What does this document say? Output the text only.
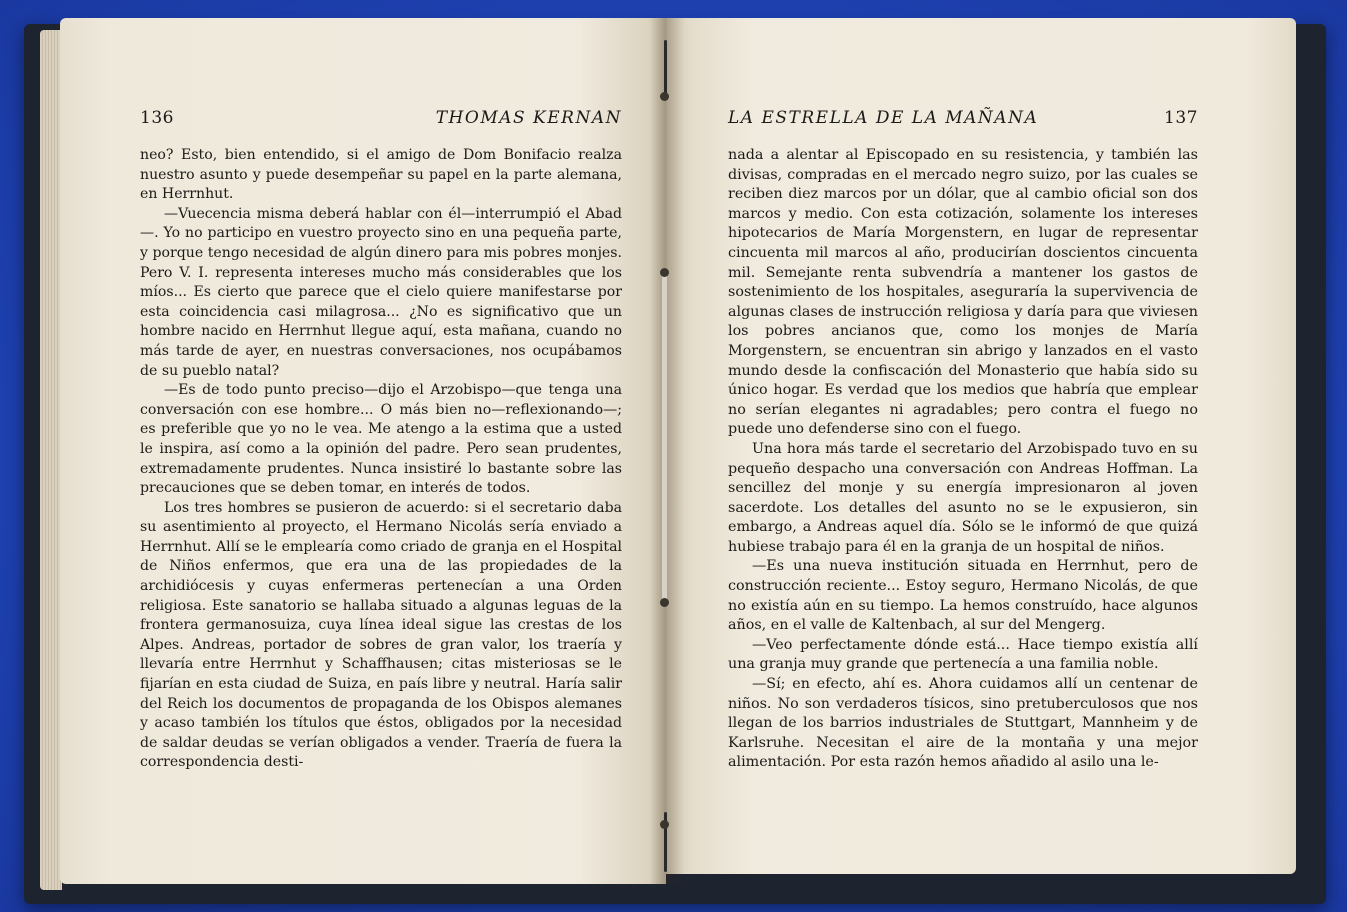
136	THOMAS KERNAN

neo? Esto, bien entendido, si el amigo de Dom Bonifacio realza nuestro asunto y puede desempeñar su papel en la parte alemana, en Herrnhut.

—Vuecencia misma deberá hablar con él—interrumpió el Abad—. Yo no participo en vuestro proyecto sino en una pequeña parte, y porque tengo necesidad de algún dinero para mis pobres monjes. Pero V. I. representa intereses mucho más considerables que los míos... Es cierto que parece que el cielo quiere manifestarse por esta coincidencia casi milagrosa... ¿No es significativo que un hombre nacido en Herrnhut llegue aquí, esta mañana, cuando no más tarde de ayer, en nuestras conversaciones, nos ocupábamos de su pueblo natal?

—Es de todo punto preciso—dijo el Arzobispo—que tenga una conversación con ese hombre... O más bien no—reflexionando—; es preferible que yo no le vea. Me atengo a la estima que a usted le inspira, así como a la opinión del padre. Pero sean prudentes, extremadamente prudentes. Nunca insistiré lo bastante sobre las precauciones que se deben tomar, en interés de todos.

Los tres hombres se pusieron de acuerdo: si el secretario daba su asentimiento al proyecto, el Hermano Nicolás sería enviado a Herrnhut. Allí se le emplearía como criado de granja en el Hospital de Niños enfermos, que era una de las propiedades de la archidiócesis y cuyas enfermeras pertenecían a una Orden religiosa. Este sanatorio se hallaba situado a algunas leguas de la frontera germanosuiza, cuya línea ideal sigue las crestas de los Alpes. Andreas, portador de sobres de gran valor, los traería y llevaría entre Herrnhut y Schaffhausen; citas misteriosas se le fijarían en esta ciudad de Suiza, en país libre y neutral. Haría salir del Reich los documentos de propaganda de los Obispos alemanes y acaso también los títulos que éstos, obligados por la necesidad de saldar deudas se verían obligados a vender. Traería de fuera la correspondencia desti-

LA ESTRELLA DE LA MAÑANA	137

nada a alentar al Episcopado en su resistencia, y también las divisas, compradas en el mercado negro suizo, por las cuales se reciben diez marcos por un dólar, que al cambio oficial son dos marcos y medio. Con esta cotización, solamente los intereses hipotecarios de María Morgenstern, en lugar de representar cincuenta mil marcos al año, producirían doscientos cincuenta mil. Semejante renta subvendría a mantener los gastos de sostenimiento de los hospitales, aseguraría la supervivencia de algunas clases de instrucción religiosa y daría para que viviesen los pobres ancianos que, como los monjes de María Morgenstern, se encuentran sin abrigo y lanzados en el vasto mundo desde la confiscación del Monasterio que había sido su único hogar. Es verdad que los medios que habría que emplear no serían elegantes ni agradables; pero contra el fuego no puede uno defenderse sino con el fuego.

Una hora más tarde el secretario del Arzobispado tuvo en su pequeño despacho una conversación con Andreas Hoffman. La sencillez del monje y su energía impresionaron al joven sacerdote. Los detalles del asunto no se le expusieron, sin embargo, a Andreas aquel día. Sólo se le informó de que quizá hubiese trabajo para él en la granja de un hospital de niños.

—Es una nueva institución situada en Herrnhut, pero de construcción reciente... Estoy seguro, Hermano Nicolás, de que no existía aún en su tiempo. La hemos construído, hace algunos años, en el valle de Kaltenbach, al sur del Mengerg.

—Veo perfectamente dónde está... Hace tiempo existía allí una granja muy grande que pertenecía a una familia noble.

—Sí; en efecto, ahí es. Ahora cuidamos allí un centenar de niños. No son verdaderos tísicos, sino pretuberculosos que nos llegan de los barrios industriales de Stuttgart, Mannheim y de Karlsruhe. Necesitan el aire de la montaña y una mejor alimentación. Por esta razón hemos añadido al asilo una le-
